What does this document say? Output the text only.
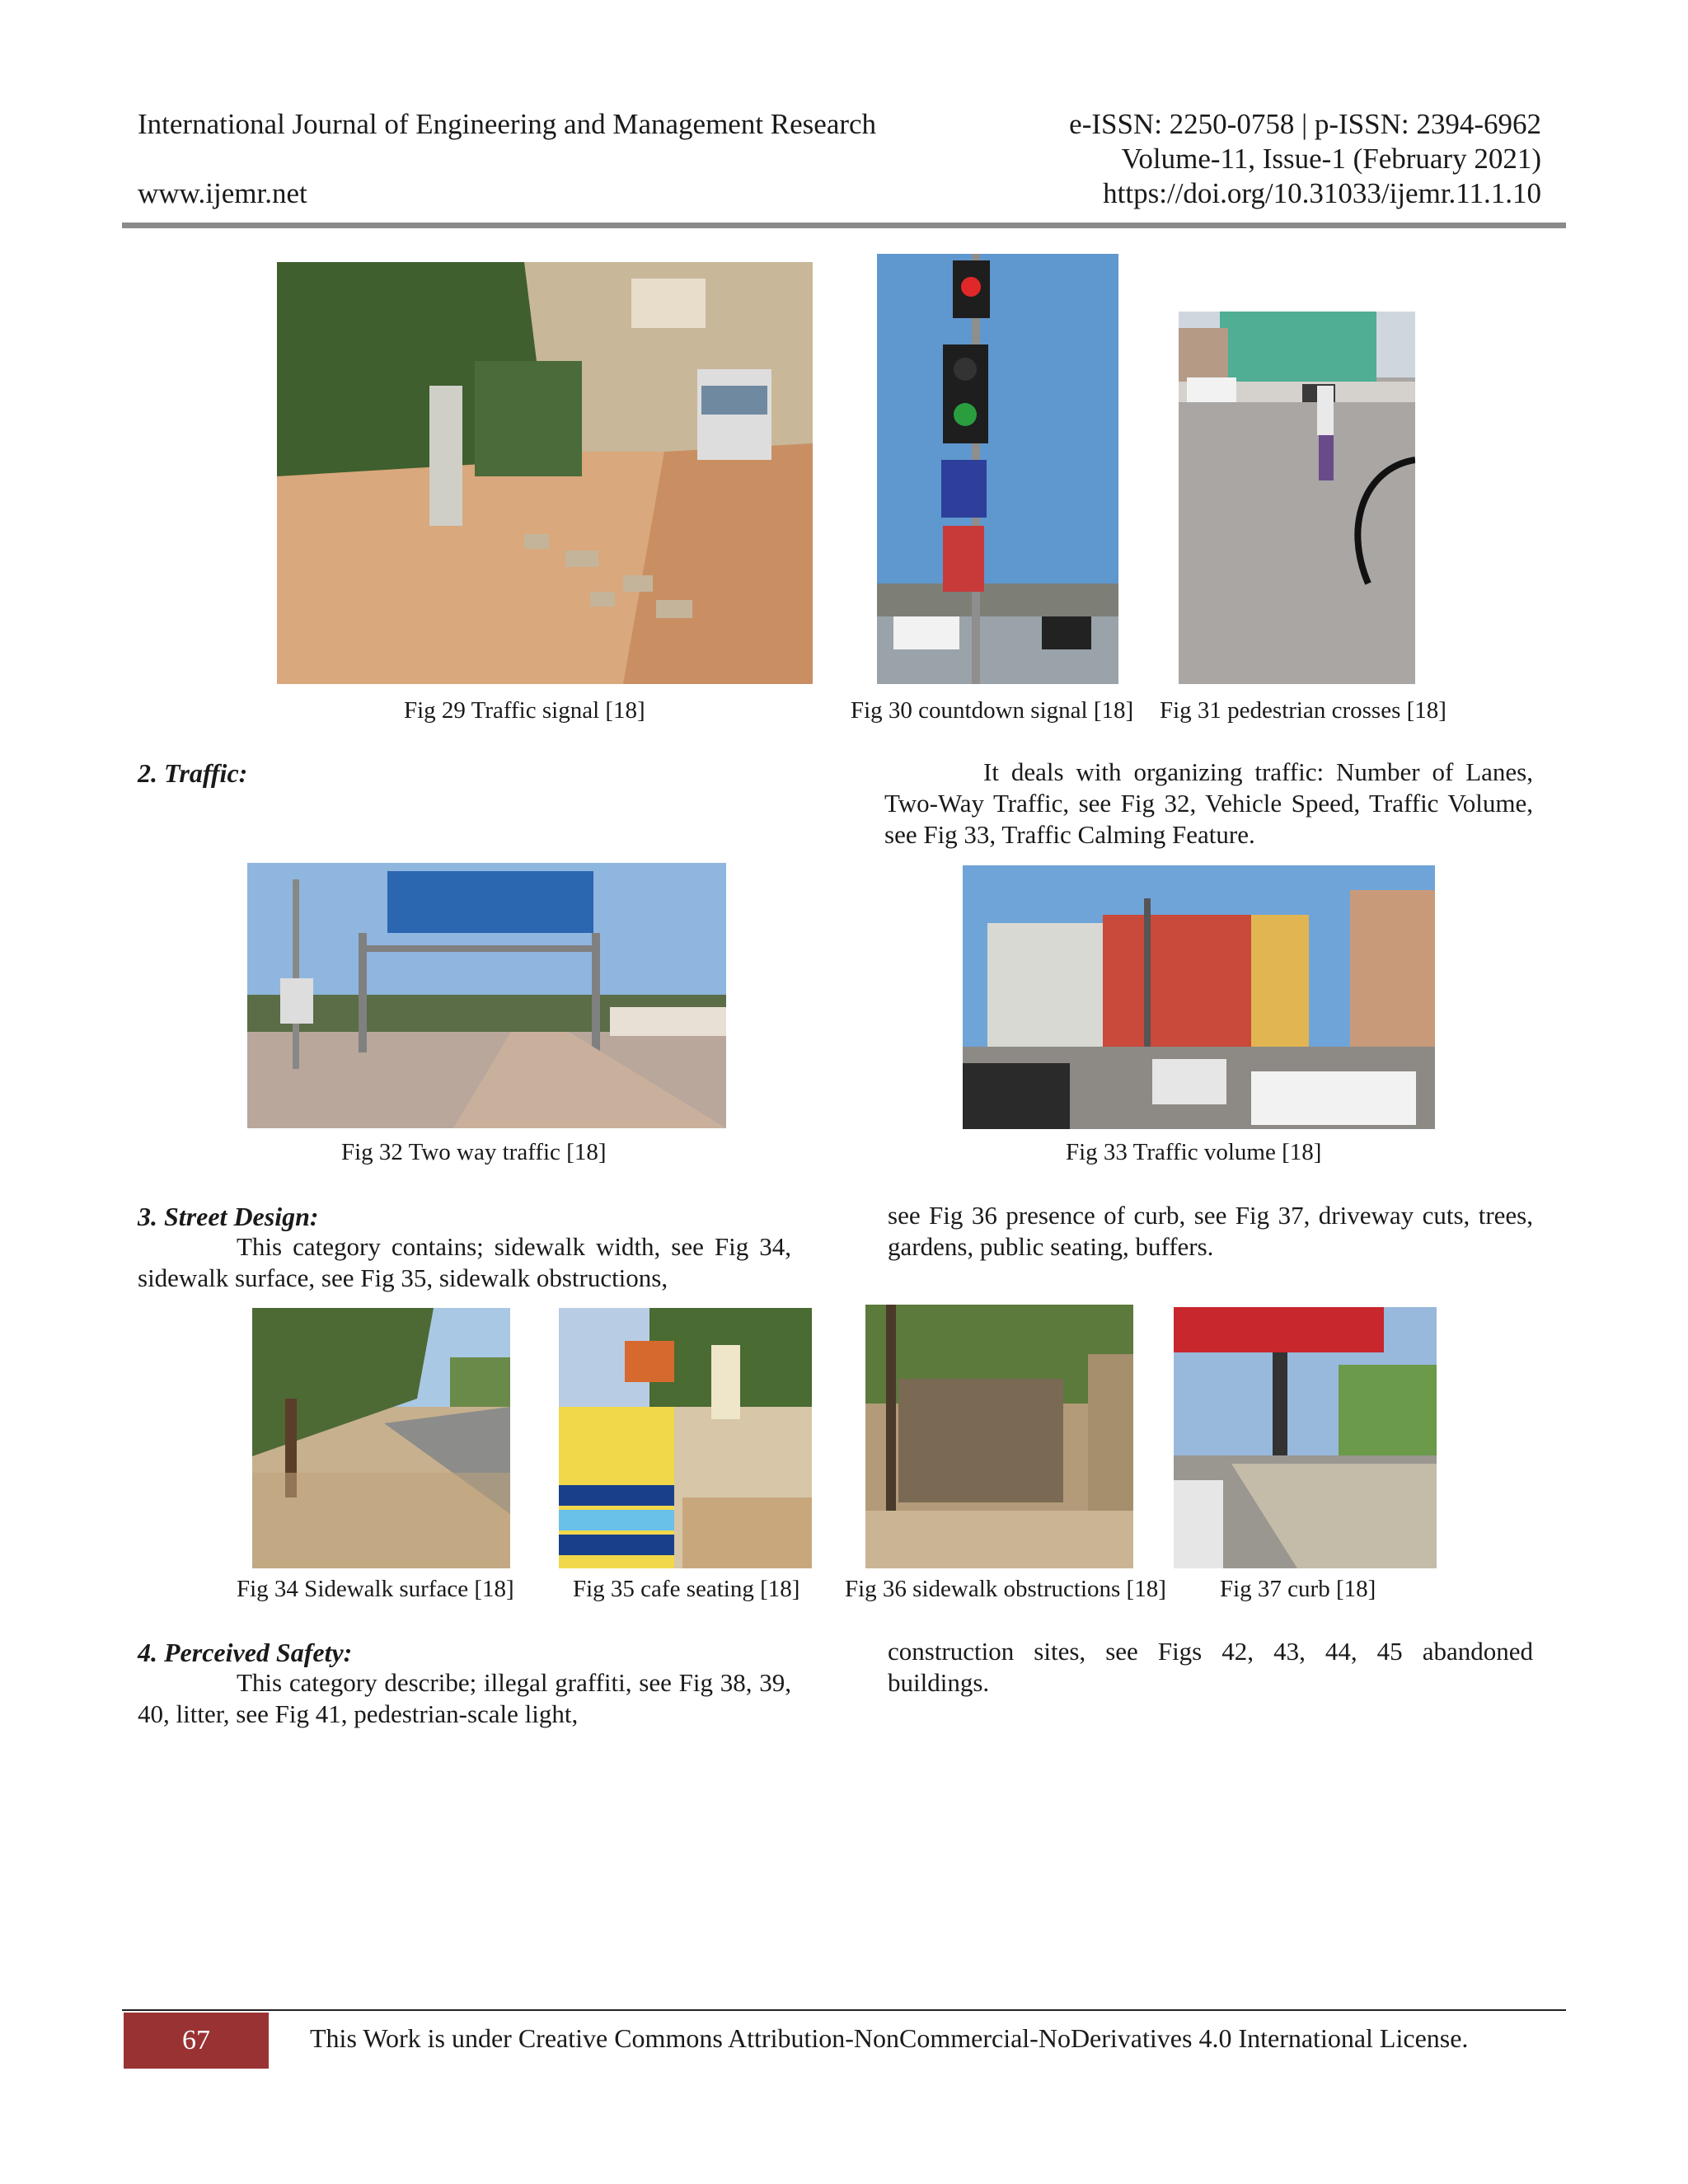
International Journal of Engineering and Management Research	e-ISSN: 2250-0758 | p-ISSN: 2394-6962
Volume-11, Issue-1 (February 2021)
www.ijemr.net	https://doi.org/10.31033/ijemr.11.1.10
Fig 29 Traffic signal [18]	Fig 30 countdown signal [18] Fig 31 pedestrian crosses [18]
2. Traffic:	It deals with organizing traffic: Number of Lanes, Two-Way Traffic, see Fig 32, Vehicle Speed, Traffic Volume, see Fig 33, Traffic Calming Feature.
Fig 32 Two way traffic [18]	Fig 33 Traffic volume [18]
3. Street Design:
This category contains; sidewalk width, see Fig 34, sidewalk surface, see Fig 35, sidewalk obstructions,
see Fig 36 presence of curb, see Fig 37, driveway cuts, trees, gardens, public seating, buffers.
Fig 34 Sidewalk surface [18] Fig 35 cafe seating [18] Fig 36 sidewalk obstructions [18] Fig 37 curb [18]
4. Perceived Safety:
This category describe; illegal graffiti, see Fig 38, 39, 40, litter, see Fig 41, pedestrian-scale light,
construction sites, see Figs 42, 43, 44, 45 abandoned buildings.
67	This Work is under Creative Commons Attribution-NonCommercial-NoDerivatives 4.0 International License.
